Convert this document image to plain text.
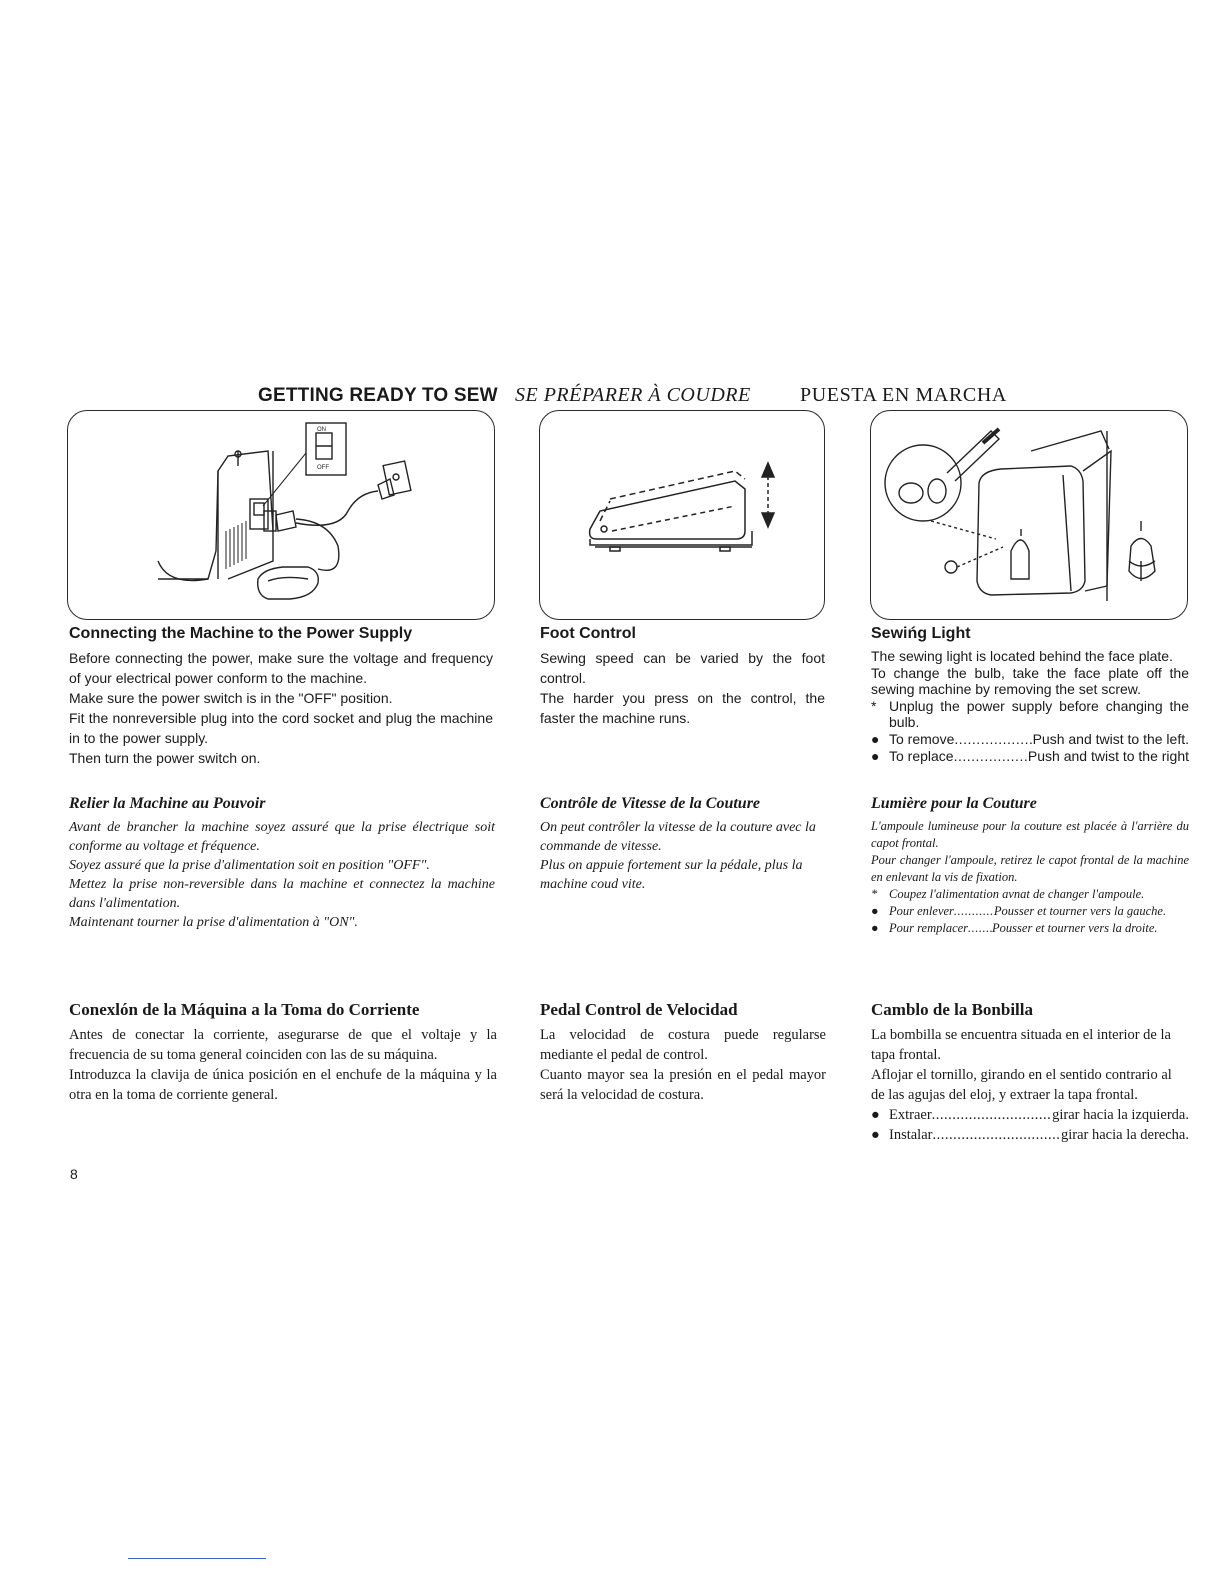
GETTING READY TO SEW SE PRÉPARER À COUDRE PUESTA EN MARCHA
ON
OFF
Connecting the Machine to the Power Supply

Before connecting the power, make sure the voltage and frequency of your electrical power conform to the machine.

Make sure the power switch is in the "OFF" position.

Fit the nonreversible plug into the cord socket and plug the machine in to the power supply.

Then turn the power switch on.

Relier la Machine au Pouvoir

Avant de brancher la machine soyez assuré que la prise électrique soit conforme au voltage et fréquence.

Soyez assuré que la prise d'alimentation soit en position "OFF".

Mettez la prise non-reversible dans la machine et connectez la machine dans l'alimentation.

Maintenant tourner la prise d'alimentation à "ON".

Conexlón de la Máquina a la Toma do Corriente

Antes de conectar la corriente, asegurarse de que el voltaje y la frecuencia de su toma general coinciden con las de su máquina.

Introduzca la clavija de única posición en el enchufe de la máquina y la otra en la toma de corriente general.

Foot Control

Sewing speed can be varied by the foot control.

The harder you press on the control, the faster the machine runs.

Contrôle de Vitesse de la Couture

On peut contrôler la vitesse de la couture avec la commande de vitesse.

Plus on appuie fortement sur la pédale, plus la machine coud vite.

Pedal Control de Velocidad

La velocidad de costura puede regularse mediante el pedal de control.

Cuanto mayor sea la presión en el pedal mayor será la velocidad de costura.

Sewińg Light

The sewing light is located behind the face plate.

To change the bulb, take the face plate off the sewing machine by removing the set screw.

* Unplug the power supply before changing the bulb.
● To remove .....	Push and twist to the left.
● To replace .....	Push and twist to the right
Lumière pour la Couture

L'ampoule lumineuse pour la couture est placée à l'arrière du capot frontal.

Pour changer l'ampoule, retirez le capot frontal de la machine en enlevant la vis de fixation.

* Coupez l'alimentation avnat de changer l'ampoule.
● Pour enlever .....	Pousser et tourner vers la gauche.
● Pour remplacer ..... Pousser et tourner vers la droite.
Camblo de la Bonbilla

La bombilla se encuentra situada en el interior de la tapa frontal.

Aflojar el tornillo, girando en el sentido contrario al de las agujas del eloj, y extraer la tapa frontal.

● Extraer .....	girar hacia la izquierda.
● Instalar .....	girar hacia la derecha.
8
